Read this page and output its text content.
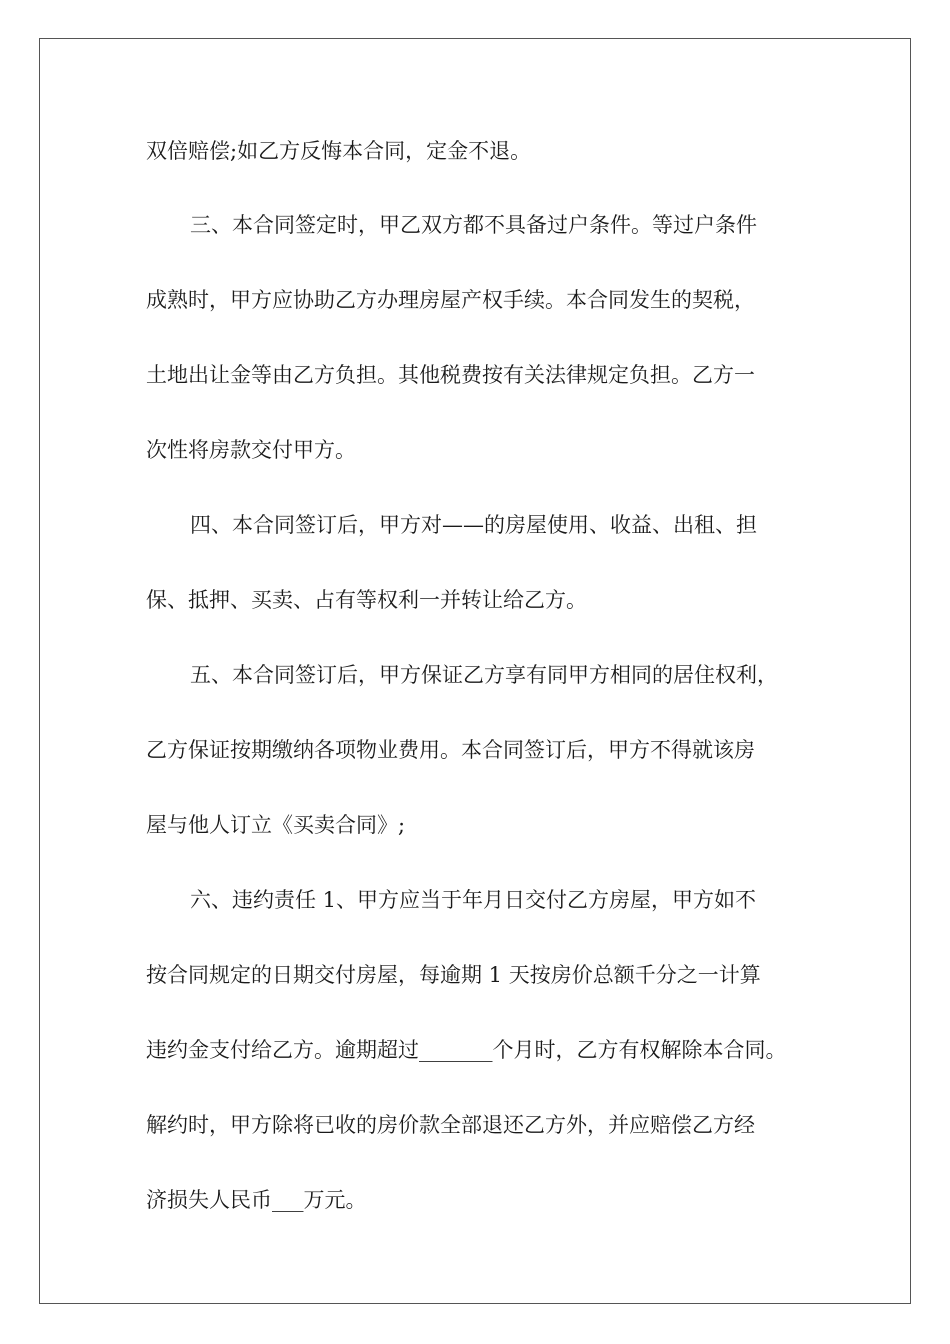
双倍赔偿;如乙方反悔本合同，定金不退。

三、本合同签定时，甲乙双方都不具备过户条件。等过户条件

成熟时，甲方应协助乙方办理房屋产权手续。本合同发生的契税，

土地出让金等由乙方负担。其他税费按有关法律规定负担。乙方一

次性将房款交付甲方。

四、本合同签订后，甲方对——的房屋使用、收益、出租、担

保、抵押、买卖、占有等权利一并转让给乙方。

五、本合同签订后，甲方保证乙方享有同甲方相同的居住权利，

乙方保证按期缴纳各项物业费用。本合同签订后，甲方不得就该房

屋与他人订立《买卖合同》;

六、违约责任 1、甲方应当于年月日交付乙方房屋，甲方如不

按合同规定的日期交付房屋，每逾期 1 天按房价总额千分之一计算

违约金支付给乙方。逾期超过_______个月时，乙方有权解除本合同。

解约时，甲方除将已收的房价款全部退还乙方外，并应赔偿乙方经

济损失人民币___万元。
